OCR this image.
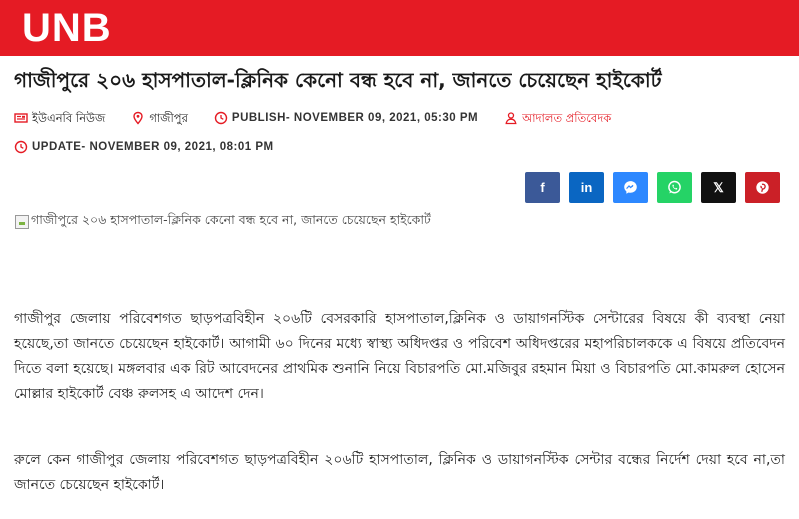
UNB
গাজীপুরে ২০৬ হাসপাতাল-ক্লিনিক কেনো বন্ধ হবে না, জানতে চেয়েছেন হাইকোর্ট
ইউএনবি নিউজ	গাজীপুর	PUBLISH- NOVEMBER 09, 2021, 05:30 PM	আদালত প্রতিবেদক
UPDATE- NOVEMBER 09, 2021, 08:01 PM
f	in	𝕏
গাজীপুরে ২০৬ হাসপাতাল-ক্লিনিক কেনো বন্ধ হবে না, জানতে চেয়েছেন হাইকোর্ট

গাজীপুর জেলায় পরিবেশগত ছাড়পত্রবিহীন ২০৬টি বেসরকারি হাসপাতাল,ক্লিনিক ও ডায়াগনস্টিক সেন্টারের বিষয়ে কী ব্যবস্থা নেয়া হয়েছে,তা জানতে চেয়েছেন হাইকোর্ট। আগামী ৬০ দিনের মধ্যে স্বাস্থ্য অধিদপ্তর ও পরিবেশ অধিদপ্তরের মহাপরিচালককে এ বিষয়ে প্রতিবেদন দিতে বলা হয়েছে। মঙ্গলবার এক রিট আবেদনের প্রাথমিক শুনানি নিয়ে বিচারপতি মো.মজিবুর রহমান মিয়া ও বিচারপতি মো.কামরুল হোসেন মোল্লার হাইকোর্ট বেঞ্চ রুলসহ এ আদেশ দেন।

রুলে কেন গাজীপুর জেলায় পরিবেশগত ছাড়পত্রবিহীন ২০৬টি হাসপাতাল, ক্লিনিক ও ডায়াগনস্টিক সেন্টার বন্ধের নির্দেশ দেয়া হবে না,তা জানতে চেয়েছেন হাইকোর্ট।
